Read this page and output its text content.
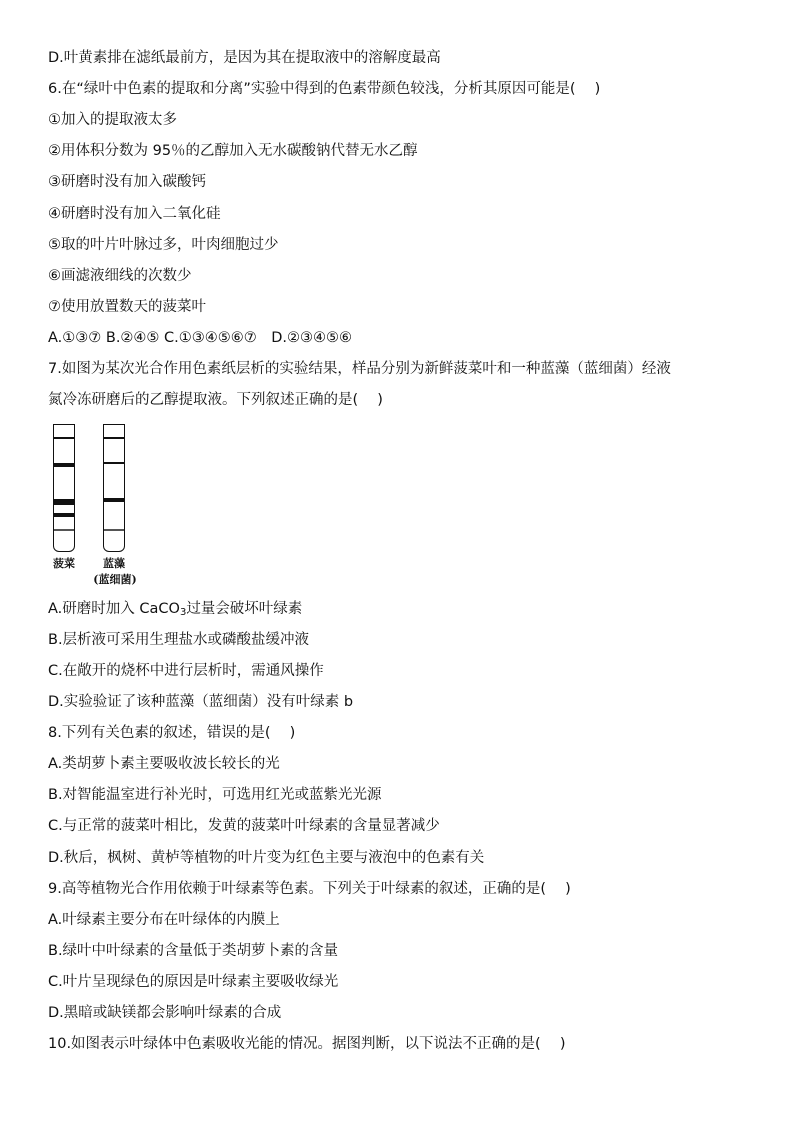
D.叶黄素排在滤纸最前方，是因为其在提取液中的溶解度最高
6.在“绿叶中色素的提取和分离”实验中得到的色素带颜色较浅，分析其原因可能是(　 )
①加入的提取液太多
②用体积分数为 95％的乙醇加入无水碳酸钠代替无水乙醇
③研磨时没有加入碳酸钙
④研磨时没有加入二氧化硅
⑤取的叶片叶脉过多，叶肉细胞过少
⑥画滤液细线的次数少
⑦使用放置数天的菠菜叶
A.①③⑦ B.②④⑤ C.①③④⑤⑥⑦　D.②③④⑤⑥
7.如图为某次光合作用色素纸层析的实验结果，样品分别为新鲜菠菜叶和一种蓝藻（蓝细菌）经液
氮冷冻研磨后的乙醇提取液。下列叙述正确的是(　 )
菠菜	蓝藻
(蓝细菌)
A.研磨时加入 CaCO$_3$过量会破坏叶绿素
B.层析液可采用生理盐水或磷酸盐缓冲液
C.在敞开的烧杯中进行层析时，需通风操作
D.实验验证了该种蓝藻（蓝细菌）没有叶绿素 b
8.下列有关色素的叙述，错误的是(　 )
A.类胡萝卜素主要吸收波长较长的光
B.对智能温室进行补光时，可选用红光或蓝紫光光源
C.与正常的菠菜叶相比，发黄的菠菜叶叶绿素的含量显著减少
D.秋后，枫树、黄栌等植物的叶片变为红色主要与液泡中的色素有关
9.高等植物光合作用依赖于叶绿素等色素。下列关于叶绿素的叙述，正确的是(　 )
A.叶绿素主要分布在叶绿体的内膜上
B.绿叶中叶绿素的含量低于类胡萝卜素的含量
C.叶片呈现绿色的原因是叶绿素主要吸收绿光
D.黑暗或缺镁都会影响叶绿素的合成
10.如图表示叶绿体中色素吸收光能的情况。据图判断，以下说法不正确的是(　 )
